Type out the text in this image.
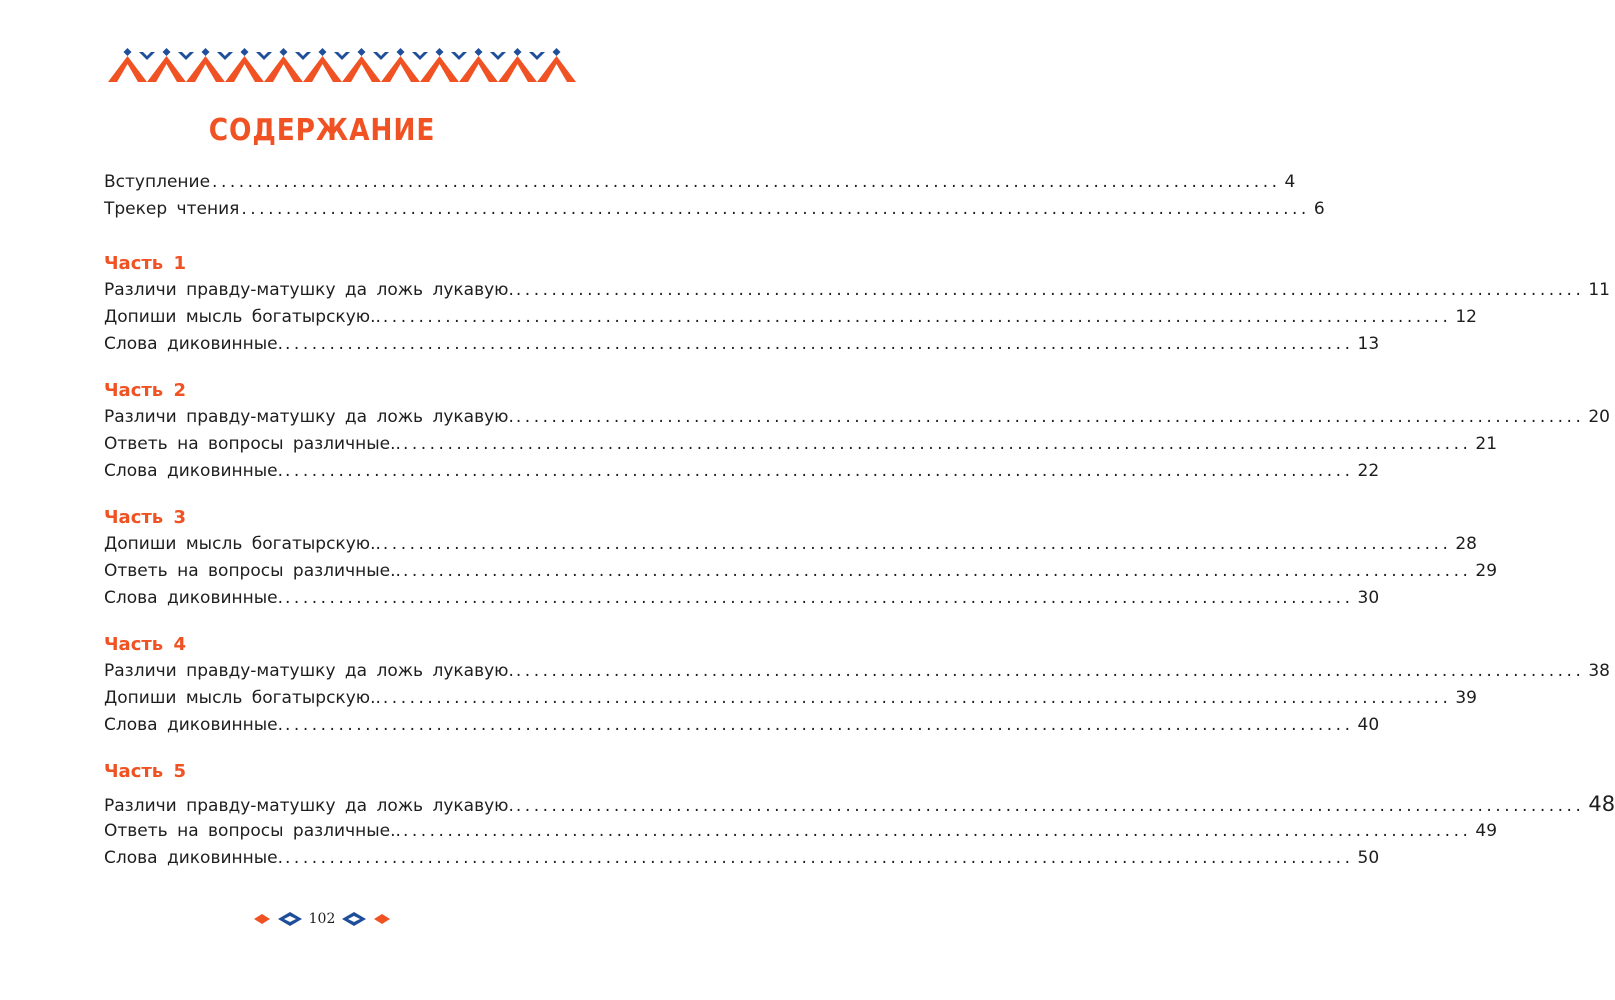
СОДЕРЖАНИЕ
Вступление ........................................................................................................................ 4
Трекер чтения ........................................................................................................................ 6
Часть 1
Различи правду-матушку да ложь лукавую. ........................................................................................................................ 11
Допиши мысль богатырскую.. ........................................................................................................................ 12
Слова диковинные. ........................................................................................................................ 13
Часть 2
Различи правду-матушку да ложь лукавую. ........................................................................................................................ 20
Ответь на вопросы различные.. ........................................................................................................................ 21
Слова диковинные. ........................................................................................................................ 22
Часть 3
Допиши мысль богатырскую.. ........................................................................................................................ 28
Ответь на вопросы различные.. ........................................................................................................................ 29
Слова диковинные. ........................................................................................................................ 30
Часть 4
Различи правду-матушку да ложь лукавую. ........................................................................................................................ 38
Допиши мысль богатырскую.. ........................................................................................................................ 39
Слова диковинные. ........................................................................................................................ 40
Часть 5
Различи правду-матушку да ложь лукавую. ........................................................................................................................ 48
Ответь на вопросы различные.. ........................................................................................................................ 49
Слова диковинные. ........................................................................................................................ 50
102
